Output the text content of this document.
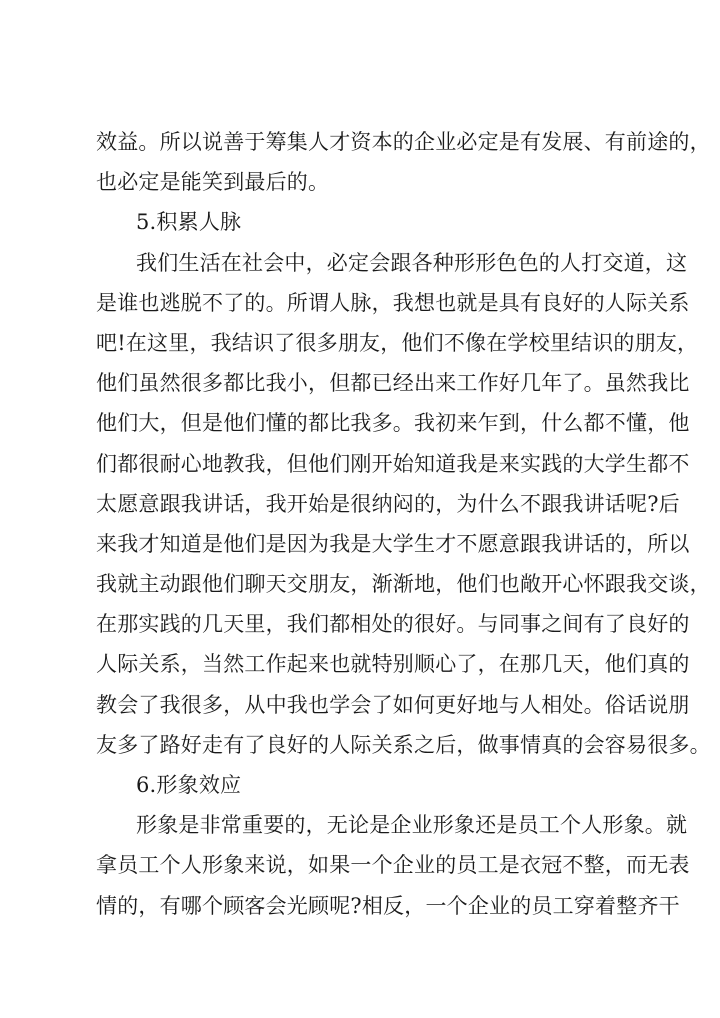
效益。所以说善于筹集人才资本的企业必定是有发展、有前途的，
也必定是能笑到最后的。
5.积累人脉
我们生活在社会中，必定会跟各种形形色色的人打交道，这
是谁也逃脱不了的。所谓人脉，我想也就是具有良好的人际关系
吧!在这里，我结识了很多朋友，他们不像在学校里结识的朋友，
他们虽然很多都比我小，但都已经出来工作好几年了。虽然我比
他们大，但是他们懂的都比我多。我初来乍到，什么都不懂，他
们都很耐心地教我，但他们刚开始知道我是来实践的大学生都不
太愿意跟我讲话，我开始是很纳闷的，为什么不跟我讲话呢?后
来我才知道是他们是因为我是大学生才不愿意跟我讲话的，所以
我就主动跟他们聊天交朋友，渐渐地，他们也敞开心怀跟我交谈，
在那实践的几天里，我们都相处的很好。与同事之间有了良好的
人际关系，当然工作起来也就特别顺心了，在那几天，他们真的
教会了我很多，从中我也学会了如何更好地与人相处。俗话说朋
友多了路好走有了良好的人际关系之后，做事情真的会容易很多。
6.形象效应
形象是非常重要的，无论是企业形象还是员工个人形象。就
拿员工个人形象来说，如果一个企业的员工是衣冠不整，而无表
情的，有哪个顾客会光顾呢?相反，一个企业的员工穿着整齐干
